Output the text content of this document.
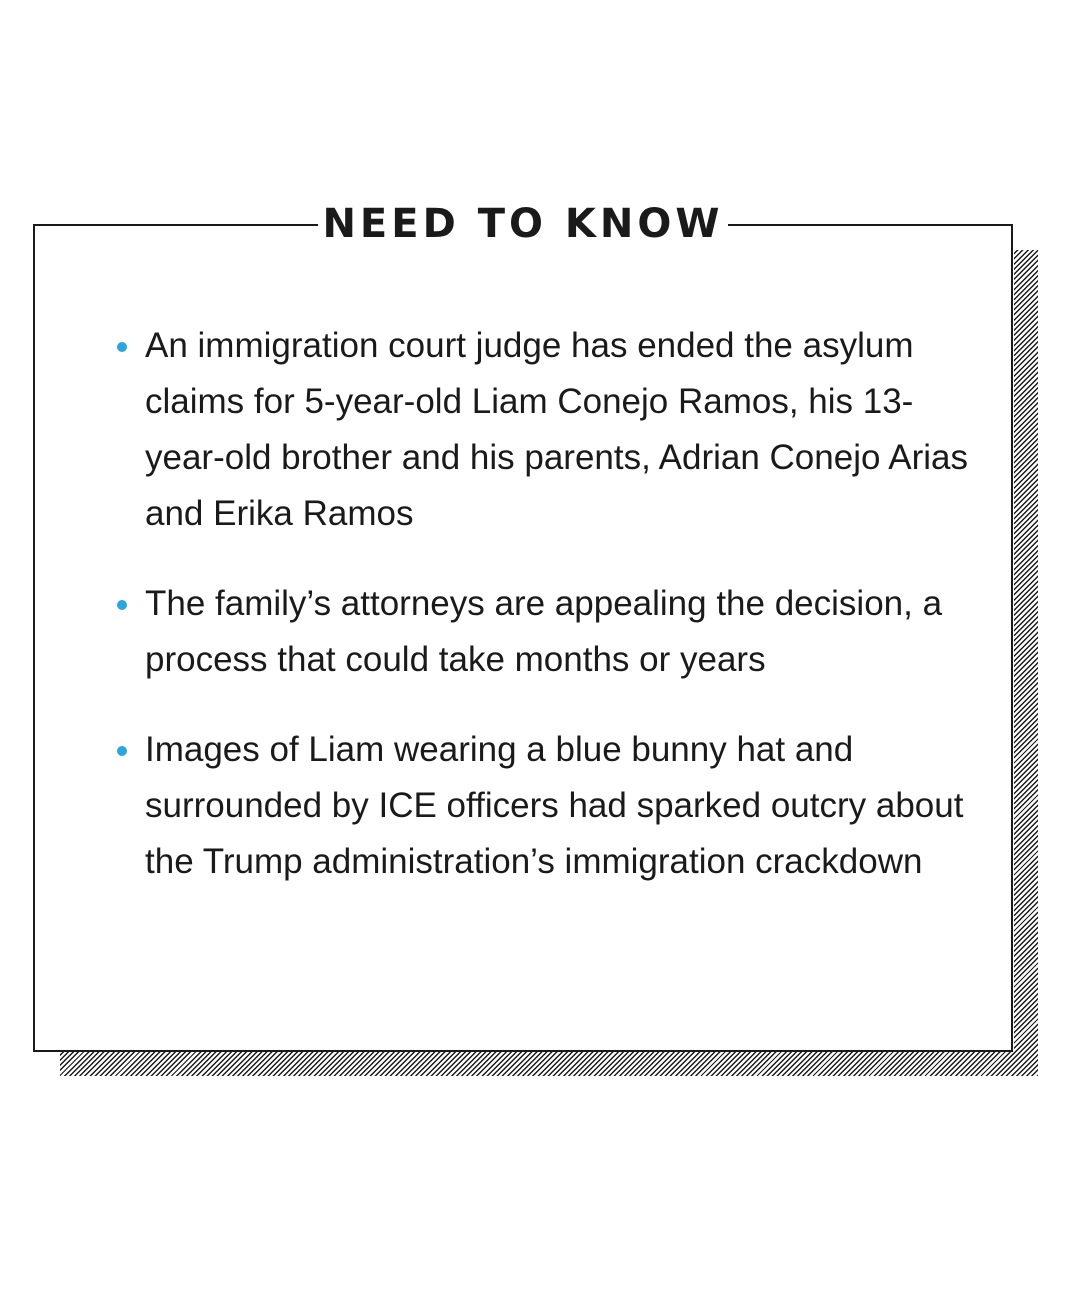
NEED TO KNOW
An immigration court judge has ended the asylum claims for 5-year-old Liam Conejo Ramos, his 13-year-old brother and his parents, Adrian Conejo Arias and Erika Ramos
The family’s attorneys are appealing the decision, a process that could take months or years
Images of Liam wearing a blue bunny hat and surrounded by ICE officers had sparked outcry about the Trump administration’s immigration crackdown
